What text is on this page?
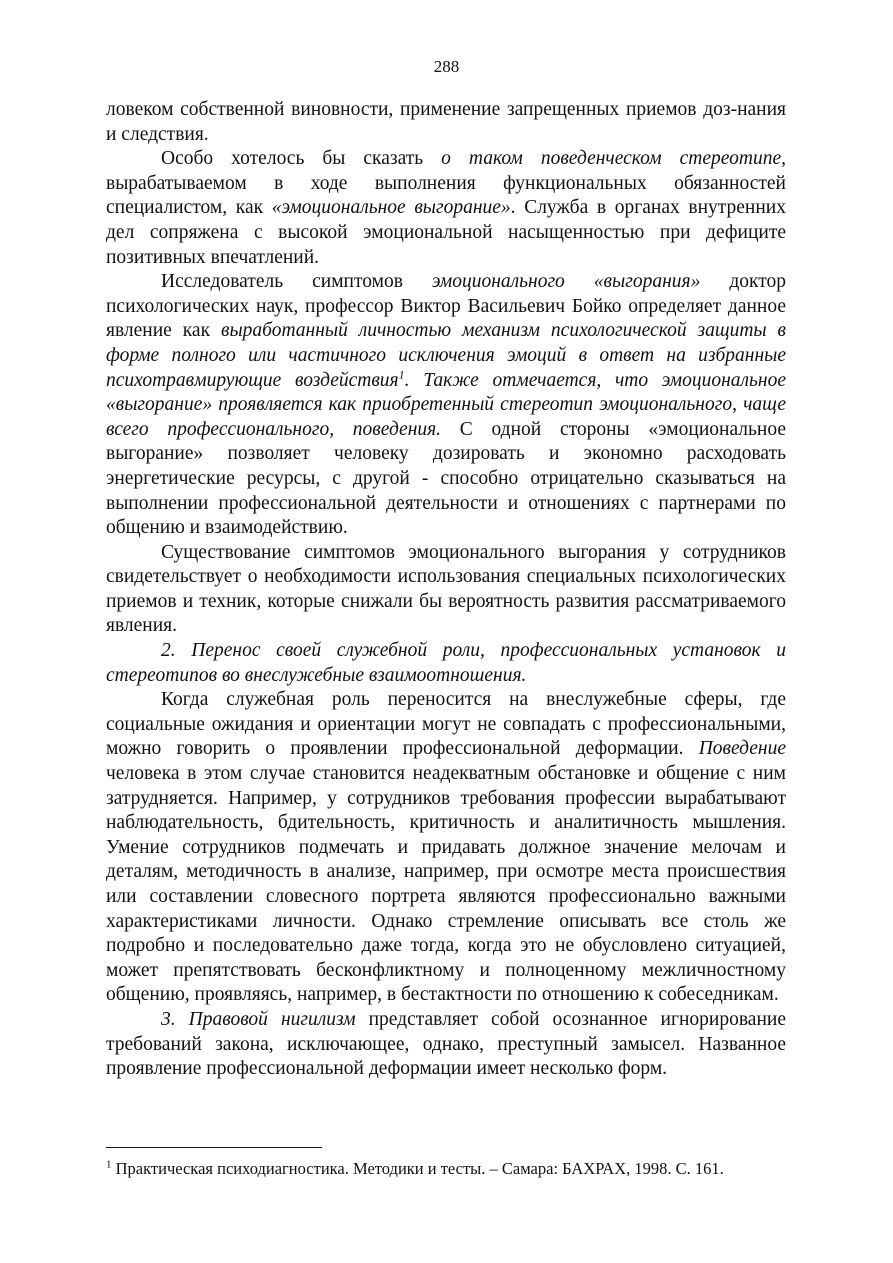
288

ловеком собственной виновности, применение запрещенных приемов доз-нания и следствия.

Особо хотелось бы сказать о таком поведенческом стереотипе, вырабатываемом в ходе выполнения функциональных обязанностей специалистом, как «эмоциональное выгорание». Служба в органах внутренних дел сопряжена с высокой эмоциональной насыщенностью при дефиците позитивных впечатлений.

Исследователь симптомов эмоционального «выгорания» доктор психологических наук, профессор Виктор Васильевич Бойко определяет данное явление как выработанный личностью механизм психологической защиты в форме полного или частичного исключения эмоций в ответ на избранные психотравмирующие воздействия$^1$. Также отмечается, что эмоциональное «выгорание» проявляется как приобретенный стереотип эмоционального, чаще всего профессионального, поведения. С одной стороны «эмоциональное выгорание» позволяет человеку дозировать и экономно расходовать энергетические ресурсы, с другой - способно отрицательно сказываться на выполнении профессиональной деятельности и отношениях с партнерами по общению и взаимодействию.

Существование симптомов эмоционального выгорания у сотрудников свидетельствует о необходимости использования специальных психологических приемов и техник, которые снижали бы вероятность развития рассматриваемого явления.

2. Перенос своей служебной роли, профессиональных установок и стереотипов во внеслужебные взаимоотношения.

Когда служебная роль переносится на внеслужебные сферы, где социальные ожидания и ориентации могут не совпадать с профессиональными, можно говорить о проявлении профессиональной деформации. Поведение человека в этом случае становится неадекватным обстановке и общение с ним затрудняется. Например, у сотрудников требования профессии вырабатывают наблюдательность, бдительность, критичность и аналитичность мышления. Умение сотрудников подмечать и придавать должное значение мелочам и деталям, методичность в анализе, например, при осмотре места происшествия или составлении словесного портрета являются профессионально важными характеристиками личности. Однако стремление описывать все столь же подробно и последовательно даже тогда, когда это не обусловлено ситуацией, может препятствовать бесконфликтному и полноценному межличностному общению, проявляясь, например, в бестактности по отношению к собеседникам.

3. Правовой нигилизм представляет собой осознанное игнорирование требований закона, исключающее, однако, преступный замысел. Названное проявление профессиональной деформации имеет несколько форм.

$^1$ Практическая психодиагностика. Методики и тесты. – Самара: БАХРАХ, 1998. С. 161.
